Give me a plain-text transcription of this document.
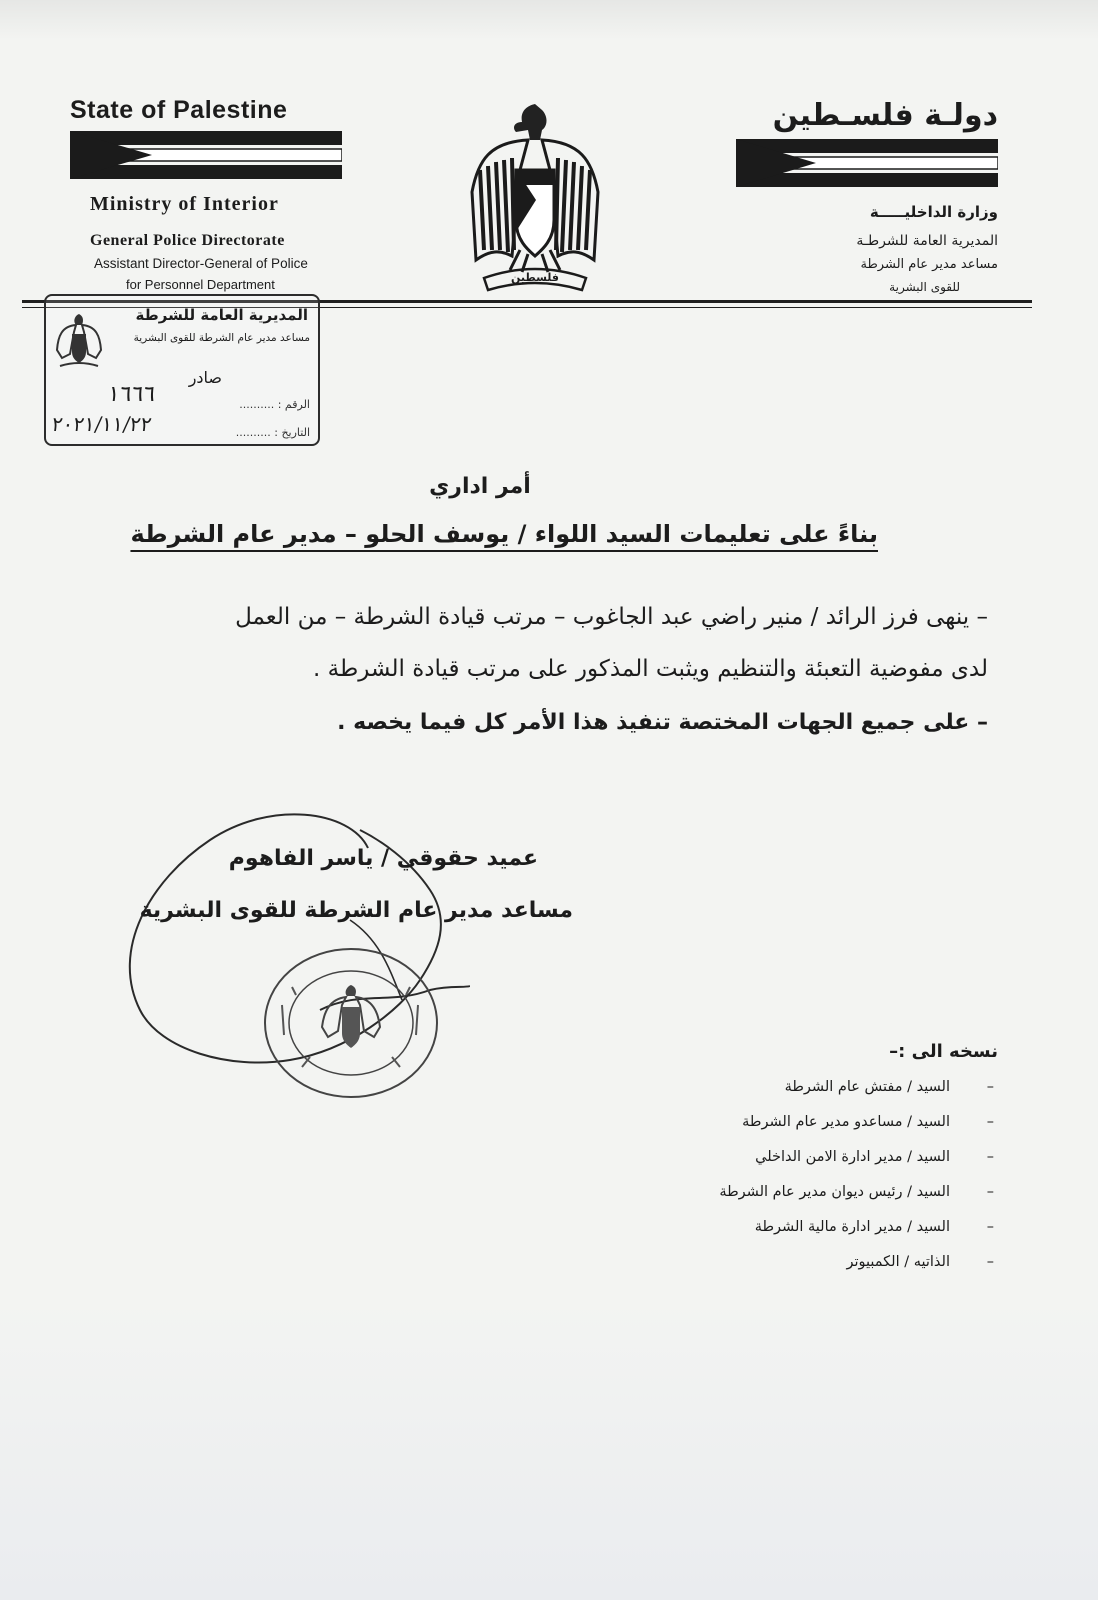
State of Palestine

Ministry of Interior

General Police Directorate

Assistant Director-General of Police

for Personnel Department	فلسطين

دولـة فلسـطين

وزارة الداخليـــــة

المديرية العامة للشرطـة

مساعد مدير عام الشرطة

للقوى البشرية

المديرية العامة للشرطة
مساعد مدير عام الشرطة للقوى البشرية
صادر
١٦٦٦	الرقم : ..........
٢٠٢١/١١/٢٢	التاريخ : ..........
أمر اداري
بناءً على تعليمات السيد اللواء / يوسف الحلو – مدير عام الشرطة
– ينهى فرز الرائد / منير راضي عبد الجاغوب – مرتب قيادة الشرطة – من العمل
لدى مفوضية التعبئة والتنظيم ويثبت المذكور على مرتب قيادة الشرطة .
– على جميع الجهات المختصة تنفيذ هذا الأمر كل فيما يخصه .
عميد حقوقي / ياسر الفاهوم
مساعد مدير عام الشرطة للقوى البشرية
نسخه الى :–
–
السيد / مفتش عام الشرطة
–
السيد / مساعدو مدير عام الشرطة
–
السيد / مدير ادارة الامن الداخلي
–
السيد / رئيس ديوان مدير عام الشرطة
–
السيد / مدير ادارة مالية الشرطة
–
الذاتيه / الكمبيوتر
